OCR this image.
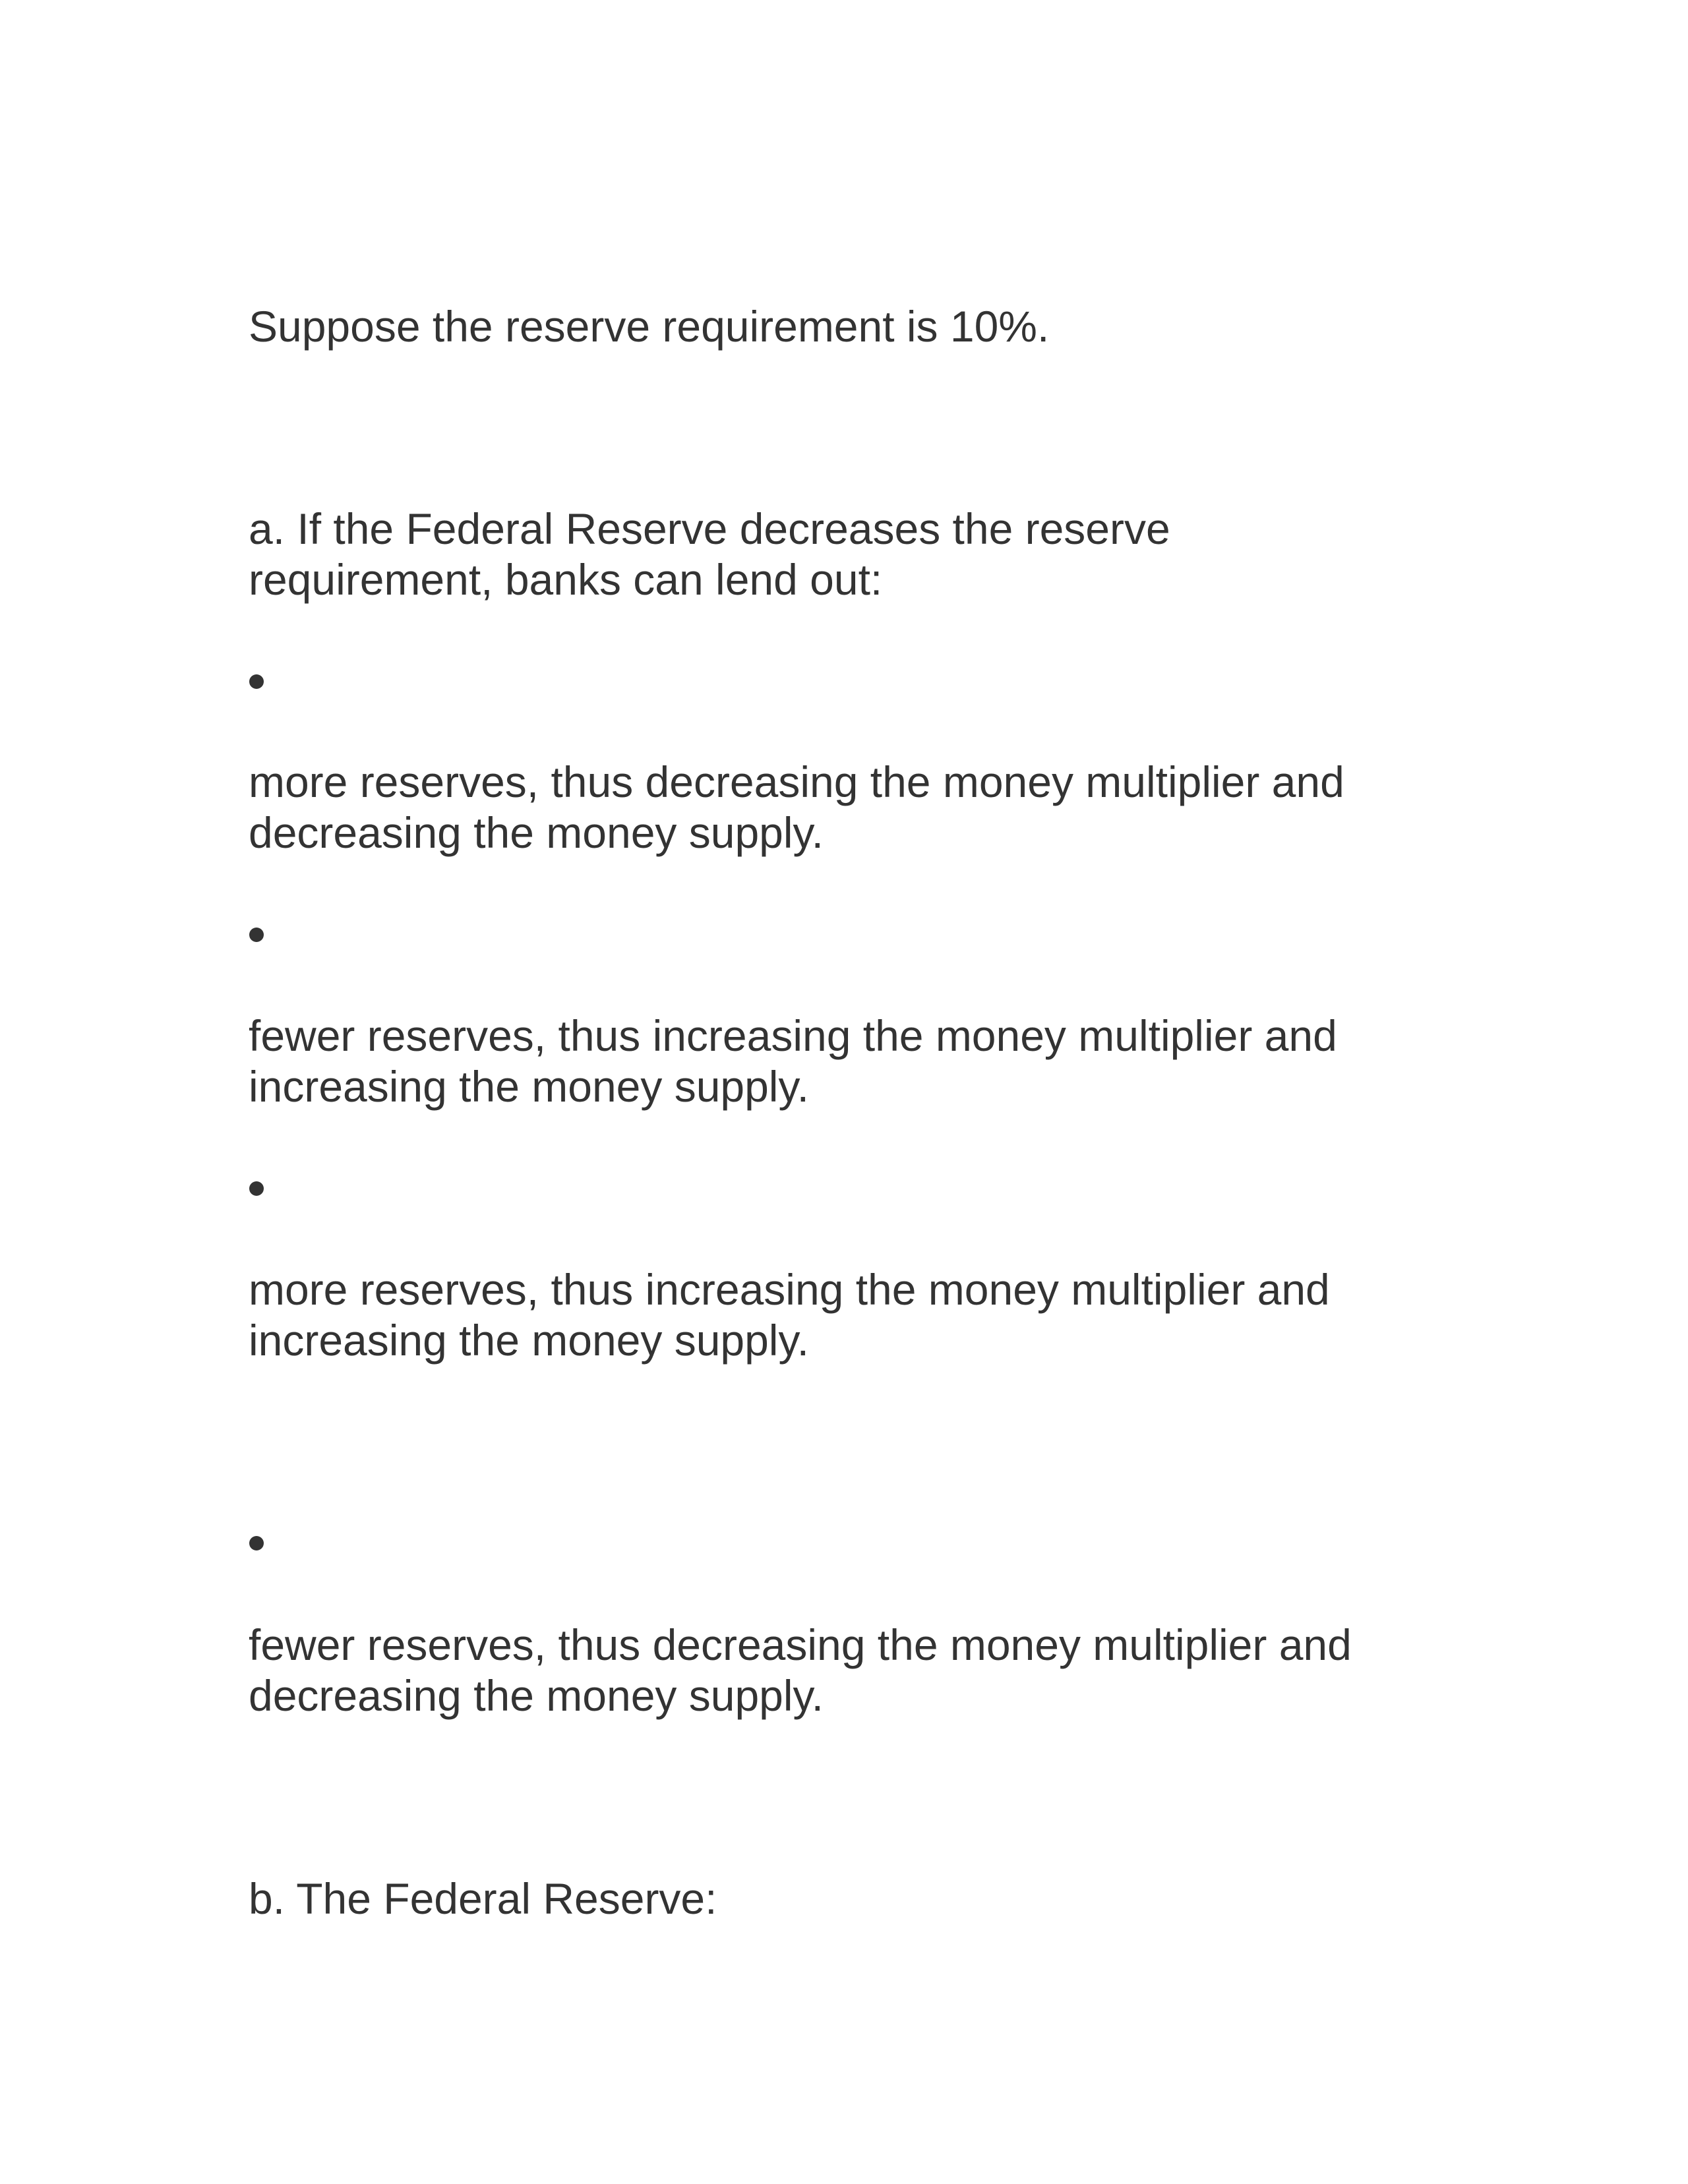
Suppose the reserve requirement is 10%.

a. If the Federal Reserve decreases the reserve requirement, banks can lend out:

more reserves, thus decreasing the money multiplier and decreasing the money supply.

fewer reserves, thus increasing the money multiplier and increasing the money supply.

more reserves, thus increasing the money multiplier and increasing the money supply.

fewer reserves, thus decreasing the money multiplier and decreasing the money supply.

b. The Federal Reserve:
